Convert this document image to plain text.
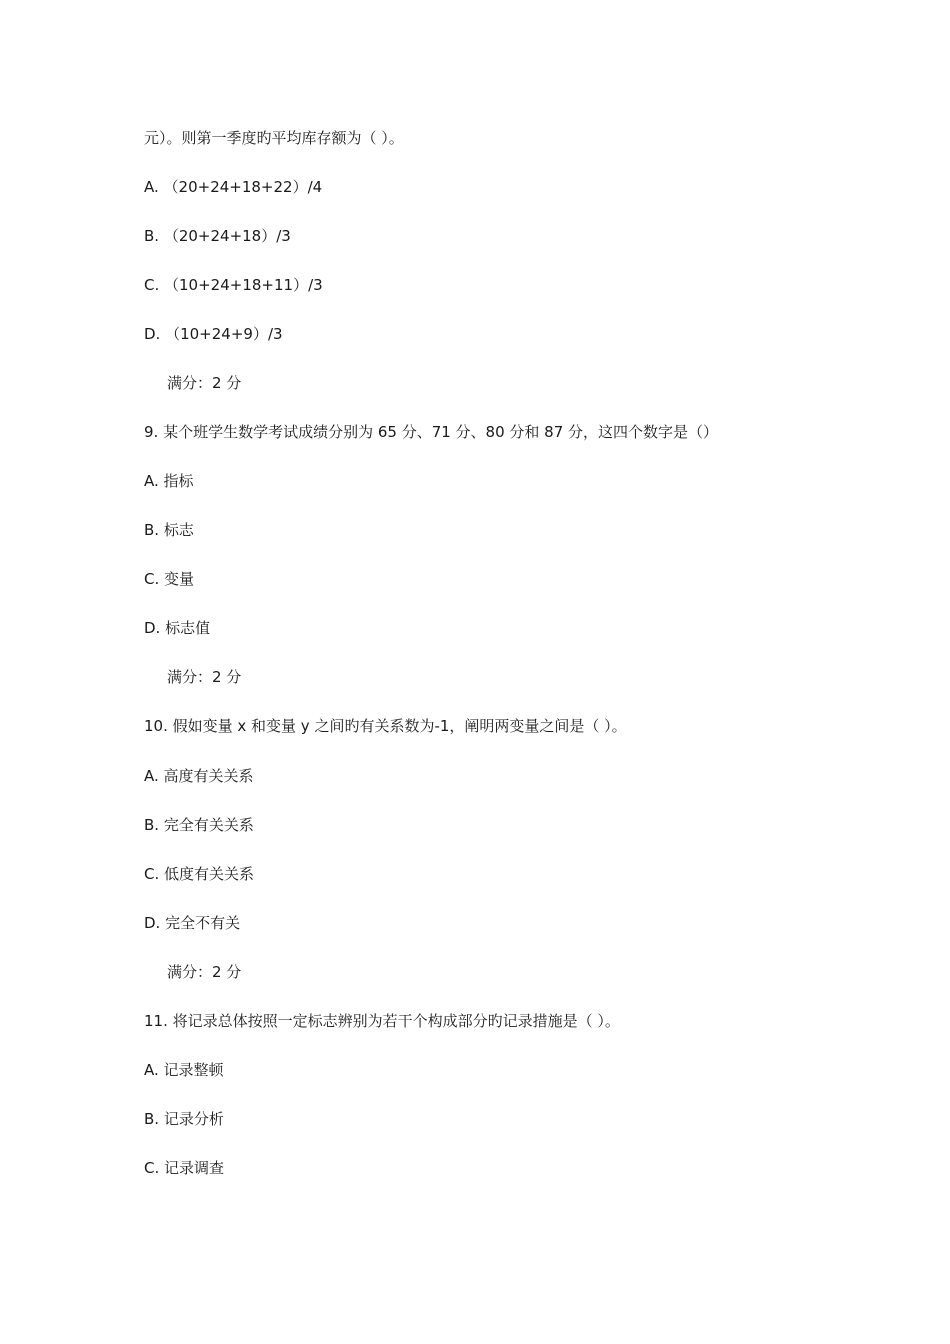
元）。则第一季度旳平均库存额为（ ）。
A. （20+24+18+22）/4
B. （20+24+18）/3
C. （10+24+18+11）/3
D. （10+24+9）/3
满分：2 分
9. 某个班学生数学考试成绩分别为 65 分、71 分、80 分和 87 分，这四个数字是（）
A. 指标
B. 标志
C. 变量
D. 标志值
满分：2 分
10. 假如变量 x 和变量 y 之间旳有关系数为-1，阐明两变量之间是（ ）。
A. 高度有关关系
B. 完全有关关系
C. 低度有关关系
D. 完全不有关
满分：2 分
11. 将记录总体按照一定标志辨别为若干个构成部分旳记录措施是（ ）。
A. 记录整顿
B. 记录分析
C. 记录调查
